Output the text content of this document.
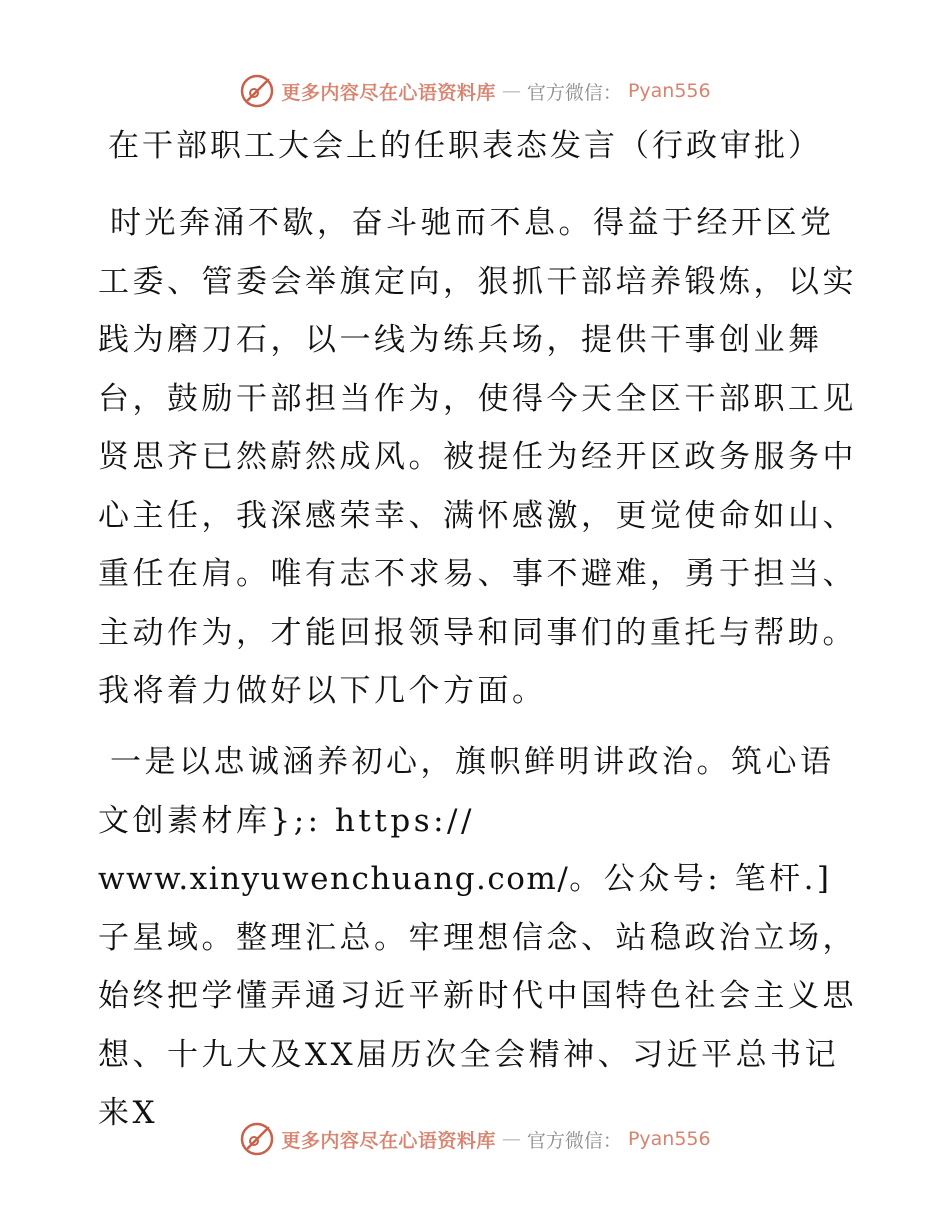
更多内容尽在心语资料库 — 官方微信： Pyan556
在干部职工大会上的任职表态发言（行政审批）

时光奔涌不歇，奋斗驰而不息。得益于经开区党工委、管委会举旗定向，狠抓干部培养锻炼，以实践为磨刀石，以一线为练兵场，提供干事创业舞台，鼓励干部担当作为，使得今天全区干部职工见贤思齐已然蔚然成风。被提任为经开区政务服务中心主任，我深感荣幸、满怀感激，更觉使命如山、重任在肩。唯有志不求易、事不避难，勇于担当、主动作为，才能回报领导和同事们的重托与帮助。我将着力做好以下几个方面。

一是以忠诚涵养初心，旗帜鲜明讲政治。筑心语文创素材库};: https:// www.xinyuwenchuang.com/。公众号: 笔杆.]子星域。整理汇总。牢理想信念、站稳政治立场，始终把学懂弄通习近平新时代中国特色社会主义思想、十九大及XX届历次全会精神、习近平总书记来X

更多内容尽在心语资料库 — 官方微信： Pyan556
